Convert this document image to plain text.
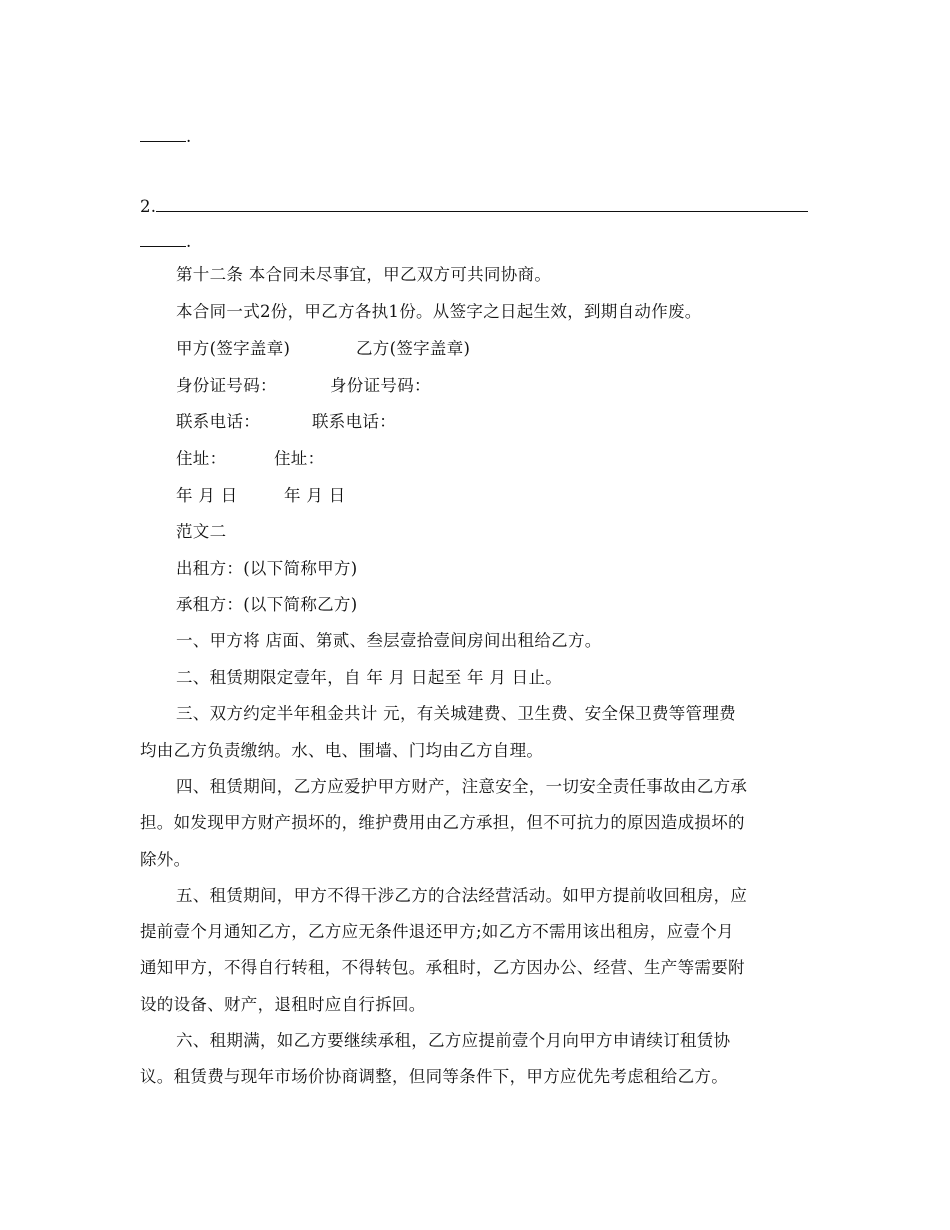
.
2.
.
第十二条 本合同未尽事宜，甲乙双方可共同协商。
本合同一式2份，甲乙方各执1份。从签字之日起生效，到期自动作废。
甲方(签字盖章)	乙方(签字盖章)
身份证号码：	身份证号码：
联系电话：	联系电话：
住址：	住址：
年 月 日	年 月 日
范文二
出租方：(以下简称甲方)
承租方：(以下简称乙方)
一、甲方将 店面、第贰、叁层壹拾壹间房间出租给乙方。
二、租赁期限定壹年，自 年 月 日起至 年 月 日止。
三、双方约定半年租金共计 元，有关城建费、卫生费、安全保卫费等管理费
均由乙方负责缴纳。水、电、围墙、门均由乙方自理。
四、租赁期间，乙方应爱护甲方财产，注意安全，一切安全责任事故由乙方承
担。如发现甲方财产损坏的，维护费用由乙方承担，但不可抗力的原因造成损坏的
除外。
五、租赁期间，甲方不得干涉乙方的合法经营活动。如甲方提前收回租房，应
提前壹个月通知乙方，乙方应无条件退还甲方;如乙方不需用该出租房，应壹个月
通知甲方，不得自行转租，不得转包。承租时，乙方因办公、经营、生产等需要附
设的设备、财产，退租时应自行拆回。
六、租期满，如乙方要继续承租，乙方应提前壹个月向甲方申请续订租赁协
议。租赁费与现年市场价协商调整，但同等条件下，甲方应优先考虑租给乙方。
